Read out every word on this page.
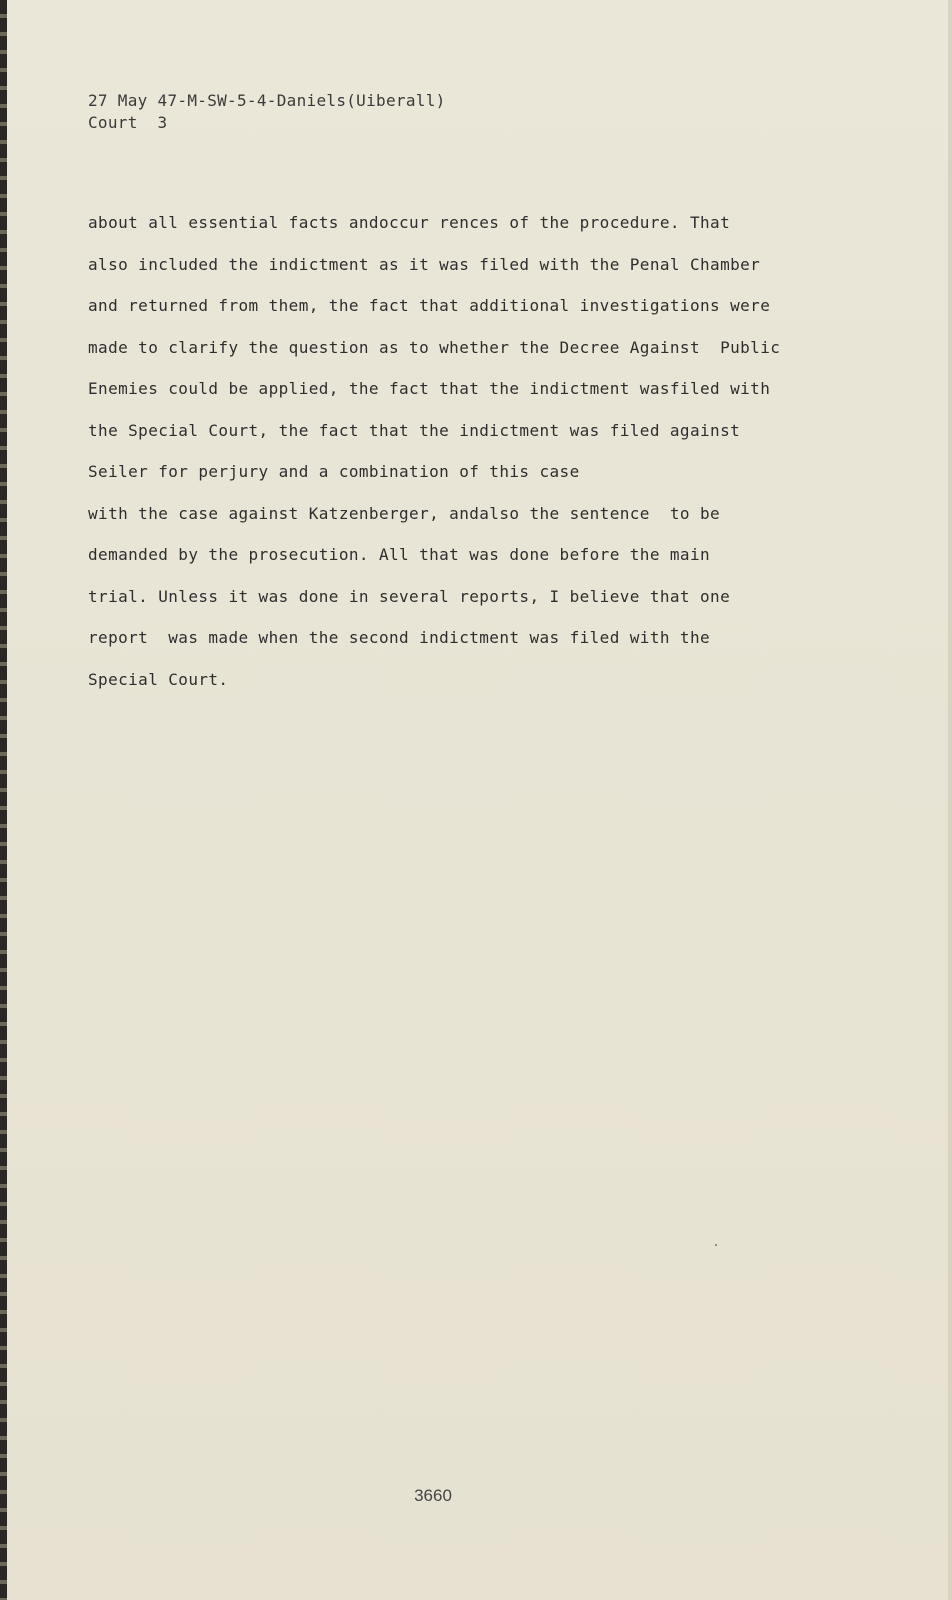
27 May 47-M-SW-5-4-Daniels(Uiberall)
Court  3
about all essential facts andoccur rences of the procedure. That
also included the indictment as it was filed with the Penal Chamber
and returned from them, the fact that additional investigations were
made to clarify the question as to whether the Decree Against  Public
Enemies could be applied, the fact that the indictment wasfiled with
the Special Court, the fact that the indictment was filed against
Seiler for perjury and a combination of this case
with the case against Katzenberger, andalso the sentence  to be
demanded by the prosecution. All that was done before the main
trial. Unless it was done in several reports, I believe that one
report  was made when the second indictment was filed with the
Special Court.
3660
